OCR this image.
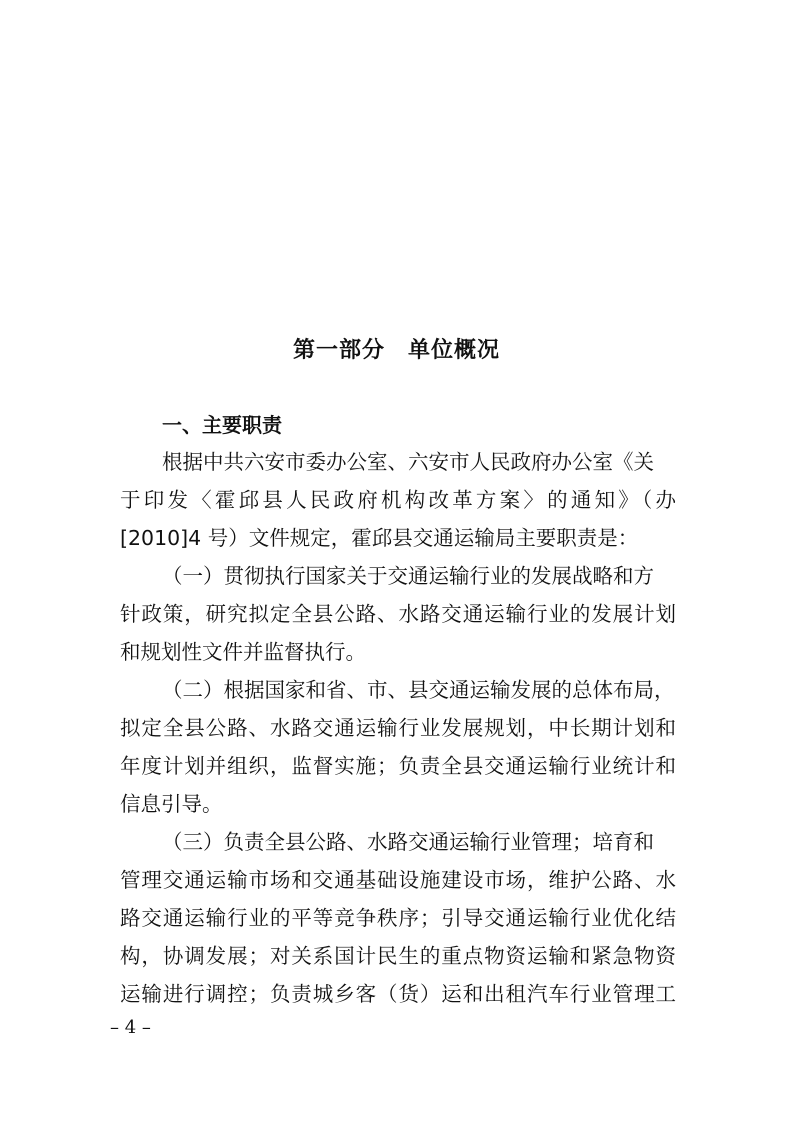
第一部分　单位概况
一、主要职责
根据中共六安市委办公室、六安市人民政府办公室《关
于印发〈霍邱县人民政府机构改革方案〉的通知》（办
[2010]4 号）文件规定，霍邱县交通运输局主要职责是：
（一）贯彻执行国家关于交通运输行业的发展战略和方
针政策，研究拟定全县公路、水路交通运输行业的发展计划
和规划性文件并监督执行。
（二）根据国家和省、市、县交通运输发展的总体布局，
拟定全县公路、水路交通运输行业发展规划，中长期计划和
年度计划并组织，监督实施；负责全县交通运输行业统计和
信息引导。
（三）负责全县公路、水路交通运输行业管理；培育和
管理交通运输市场和交通基础设施建设市场，维护公路、水
路交通运输行业的平等竞争秩序；引导交通运输行业优化结
构，协调发展；对关系国计民生的重点物资运输和紧急物资
运输进行调控；负责城乡客（货）运和出租汽车行业管理工
– 4 –
